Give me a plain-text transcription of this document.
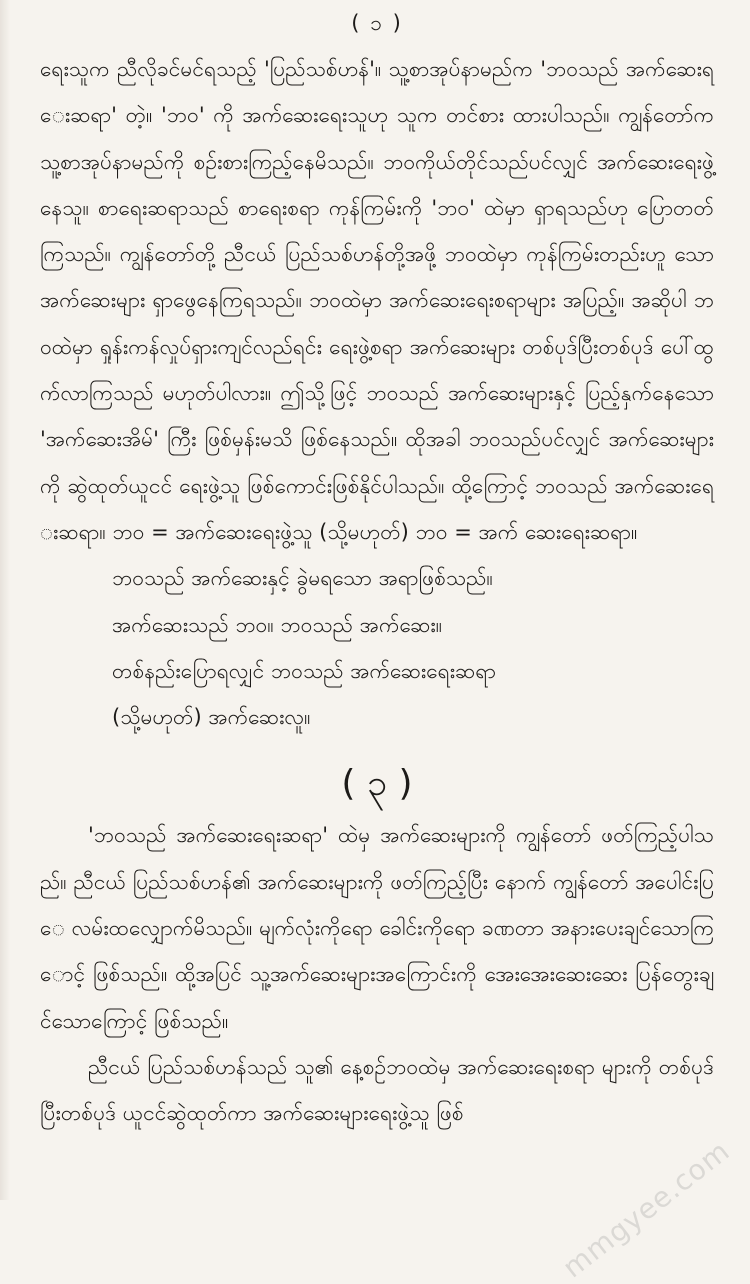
( ၁ )

ရေးသူက ညီလိုခင်မင်ရသည့် 'ပြည်သစ်ဟန်'။ သူ့စာအုပ်နာမည်က 'ဘဝသည် အက်ဆေးရေးဆရာ' တဲ့။ 'ဘဝ' ကို အက်ဆေးရေးသူဟု သူက တင်စား ထားပါသည်။ ကျွန်တော်က သူ့စာအုပ်နာမည်ကို စဉ်းစားကြည့်နေမိသည်။ ဘဝကိုယ်တိုင်သည်ပင်လျှင် အက်ဆေးရေးဖွဲ့နေသူ။ စာရေးဆရာသည် စာရေးစရာ ကုန်ကြမ်းကို 'ဘဝ' ထဲမှာ ရှာရသည်ဟု ပြောတတ်ကြသည်။ ကျွန်တော်တို့ ညီငယ် ပြည်သစ်ဟန်တို့အဖို့ ဘဝထဲမှာ ကုန်ကြမ်းတည်းဟူ သော အက်ဆေးများ ရှာဖွေနေကြရသည်။ ဘဝထဲမှာ အက်ဆေးရေးစရာများ အပြည့်။ အဆိုပါ ဘဝထဲမှာ ရှုန်းကန်လှုပ်ရှားကျင်လည်ရင်း ရေးဖွဲ့စရာ အက်ဆေးများ တစ်ပုဒ်ပြီးတစ်ပုဒ် ပေါ်ထွက်လာကြသည် မဟုတ်ပါလား။ ဤသို့ဖြင့် ဘဝသည် အက်ဆေးများနှင့် ပြည့်နှက်နေသော 'အက်ဆေးအိမ်' ကြီး ဖြစ်မှန်းမသိ ဖြစ်နေသည်။ ထိုအခါ ဘဝသည်ပင်လျှင် အက်ဆေးများကို ဆွဲထုတ်ယူငင် ရေးဖွဲ့သူ ဖြစ်ကောင်းဖြစ်နိုင်ပါသည်။ ထို့ကြောင့် ဘဝသည် အက်ဆေးရေးဆရာ။ ဘဝ = အက်ဆေးရေးဖွဲ့သူ (သို့မဟုတ်) ဘဝ = အက် ဆေးရေးဆရာ။

ဘဝသည် အက်ဆေးနှင့် ခွဲမရသော အရာဖြစ်သည်။

အက်ဆေးသည် ဘဝ။ ဘဝသည် အက်ဆေး။

တစ်နည်းပြောရလျှင် ဘဝသည် အက်ဆေးရေးဆရာ

(သို့မဟုတ်) အက်ဆေးလူ။

( ၃ )

'ဘဝသည် အက်ဆေးရေးဆရာ' ထဲမှ အက်ဆေးများကို ကျွန်တော် ဖတ်ကြည့်ပါသည်။ ညီငယ် ပြည်သစ်ဟန်၏ အက်ဆေးများကို ဖတ်ကြည့်ပြီး နောက် ကျွန်တော် အပေါင်းပြေ လမ်းထလျှောက်မိသည်။ မျက်လုံးကိုရော ခေါင်းကိုရော ခဏတာ အနားပေးချင်သောကြောင့် ဖြစ်သည်။ ထို့အပြင် သူ့အက်ဆေးများအကြောင်းကို အေးအေးဆေးဆေး ပြန်တွေးချင်သောကြောင့် ဖြစ်သည်။

ညီငယ် ပြည်သစ်ဟန်သည် သူ၏ နေ့စဉ်ဘဝထဲမှ အက်ဆေးရေးစရာ များကို တစ်ပုဒ်ပြီးတစ်ပုဒ် ယူငင်ဆွဲထုတ်ကာ အက်ဆေးများရေးဖွဲ့သူ ဖြစ်

mmgyee.com
